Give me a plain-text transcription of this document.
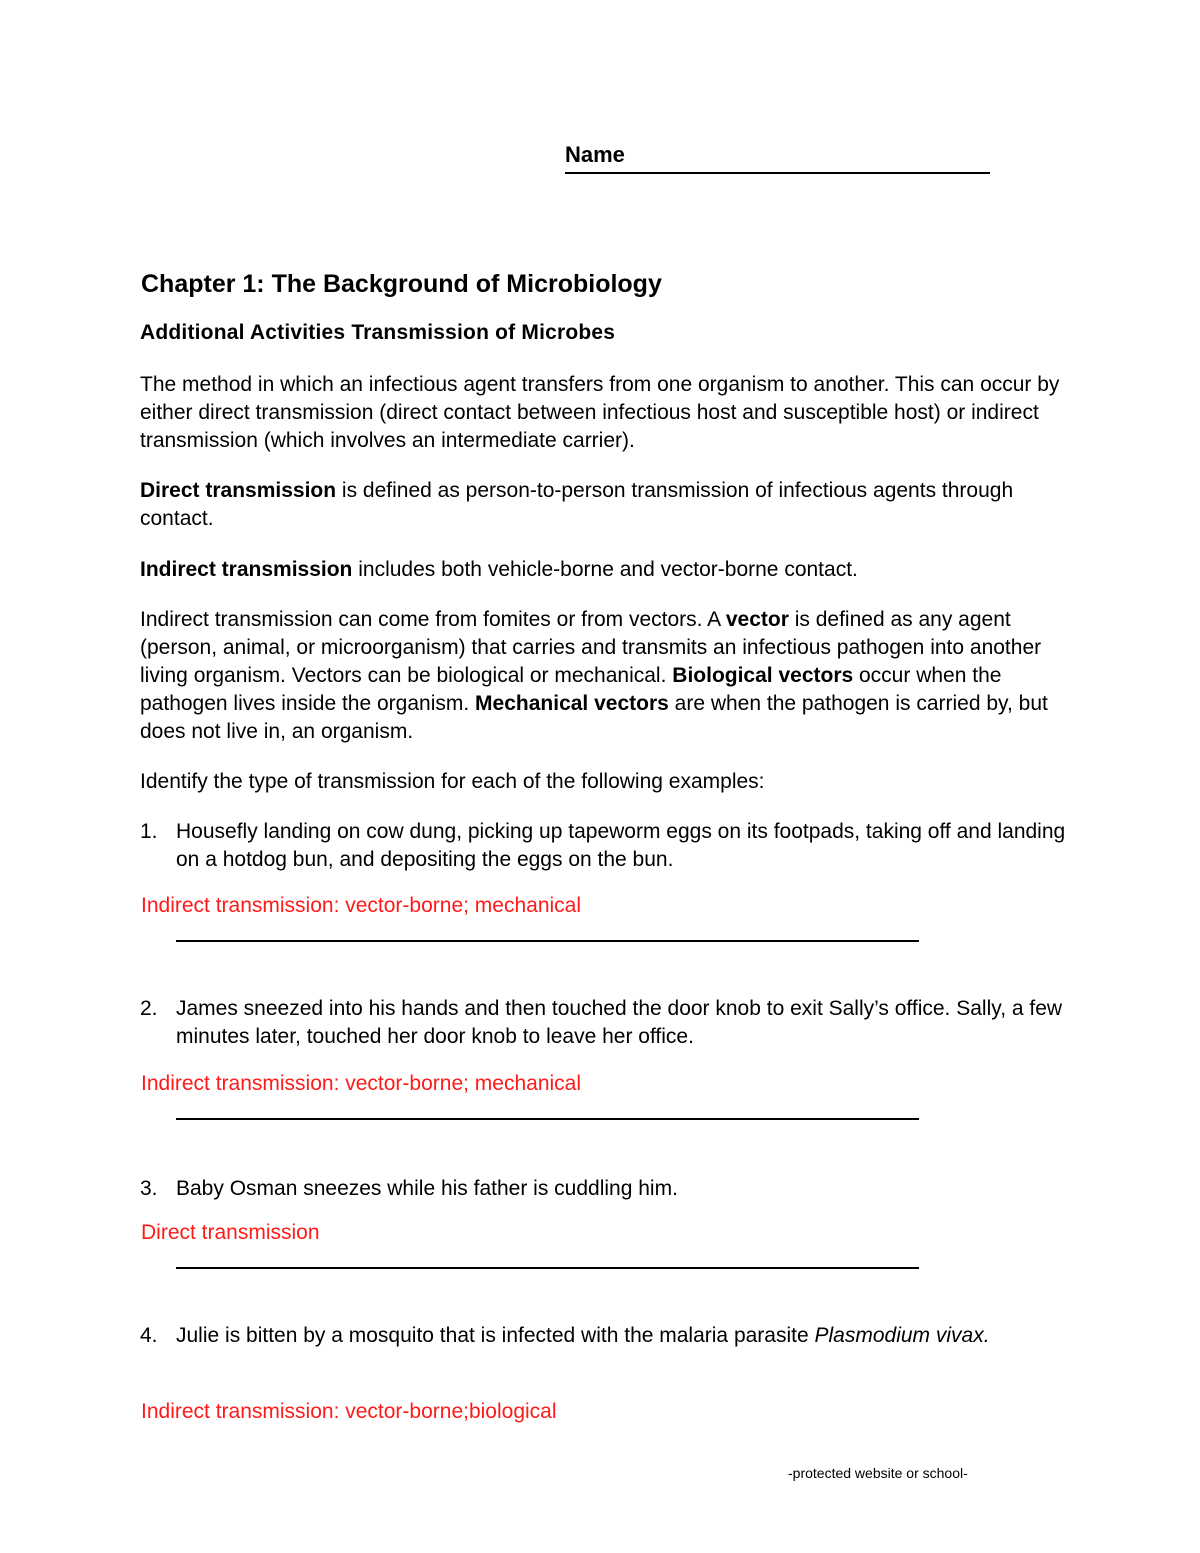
Name
Chapter 1: The Background of Microbiology
Additional Activities Transmission of Microbes
The method in which an infectious agent transfers from one organism to another. This can occur by either direct transmission (direct contact between infectious host and susceptible host) or indirect transmission (which involves an intermediate carrier).
Direct transmission is defined as person-to-person transmission of infectious agents through contact.
Indirect transmission includes both vehicle-borne and vector-borne contact.
Indirect transmission can come from fomites or from vectors. A vector is defined as any agent (person, animal, or microorganism) that carries and transmits an infectious pathogen into another living organism. Vectors can be biological or mechanical. Biological vectors occur when the pathogen lives inside the organism. Mechanical vectors are when the pathogen is carried by, but does not live in, an organism.
Identify the type of transmission for each of the following examples:
1. Housefly landing on cow dung, picking up tapeworm eggs on its footpads, taking off and landing on a hotdog bun, and depositing the eggs on the bun.
Indirect transmission: vector-borne; mechanical
2. James sneezed into his hands and then touched the door knob to exit Sally’s office. Sally, a few minutes later, touched her door knob to leave her office.
Indirect transmission: vector-borne; mechanical
3. Baby Osman sneezes while his father is cuddling him.
Direct transmission
4. Julie is bitten by a mosquito that is infected with the malaria parasite Plasmodium vivax.
Indirect transmission: vector-borne;biological
-protected website or school-
